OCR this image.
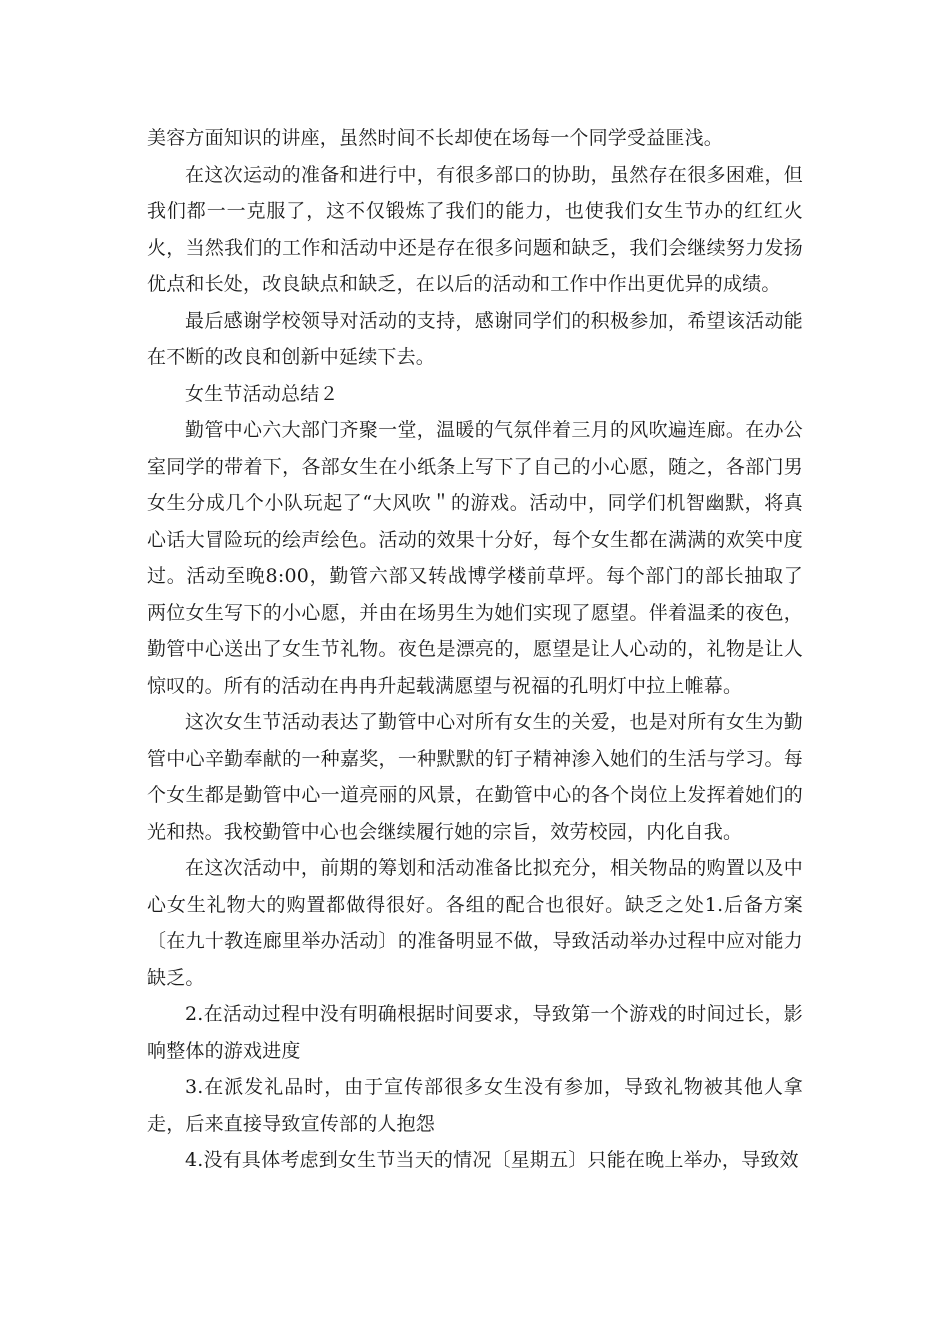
美容方面知识的讲座，虽然时间不长却使在场每一个同学受益匪浅。

在这次运动的准备和进行中，有很多部口的协助，虽然存在很多困难，但我们都一一克服了，这不仅锻炼了我们的能力，也使我们女生节办的红红火火，当然我们的工作和活动中还是存在很多问题和缺乏，我们会继续努力发扬优点和长处，改良缺点和缺乏，在以后的活动和工作中作出更优异的成绩。

最后感谢学校领导对活动的支持，感谢同学们的积极参加，希望该活动能在不断的改良和创新中延续下去。

女生节活动总结２

勤管中心六大部门齐聚一堂，温暖的气氛伴着三月的风吹遍连廊。在办公室同学的带着下，各部女生在小纸条上写下了自己的小心愿，随之，各部门男女生分成几个小队玩起了“大风吹＂的游戏。活动中，同学们机智幽默，将真心话大冒险玩的绘声绘色。活动的效果十分好，每个女生都在满满的欢笑中度过。活动至晚8:00，勤管六部又转战博学楼前草坪。每个部门的部长抽取了两位女生写下的小心愿，并由在场男生为她们实现了愿望。伴着温柔的夜色，勤管中心送出了女生节礼物。夜色是漂亮的，愿望是让人心动的，礼物是让人惊叹的。所有的活动在冉冉升起载满愿望与祝福的孔明灯中拉上帷幕。

这次女生节活动表达了勤管中心对所有女生的关爱，也是对所有女生为勤管中心辛勤奉献的一种嘉奖，一种默默的钉子精神渗入她们的生活与学习。每个女生都是勤管中心一道亮丽的风景，在勤管中心的各个岗位上发挥着她们的光和热。我校勤管中心也会继续履行她的宗旨，效劳校园，内化自我。

在这次活动中，前期的筹划和活动准备比拟充分，相关物品的购置以及中心女生礼物大的购置都做得很好。各组的配合也很好。缺乏之处1.后备方案〔在九十教连廊里举办活动〕的准备明显不做，导致活动举办过程中应对能力缺乏。

2.在活动过程中没有明确根据时间要求，导致第一个游戏的时间过长，影响整体的游戏进度

3.在派发礼品时，由于宣传部很多女生没有参加，导致礼物被其他人拿走，后来直接导致宣传部的人抱怨

4.没有具体考虑到女生节当天的情况〔星期五〕只能在晚上举办，导致效
